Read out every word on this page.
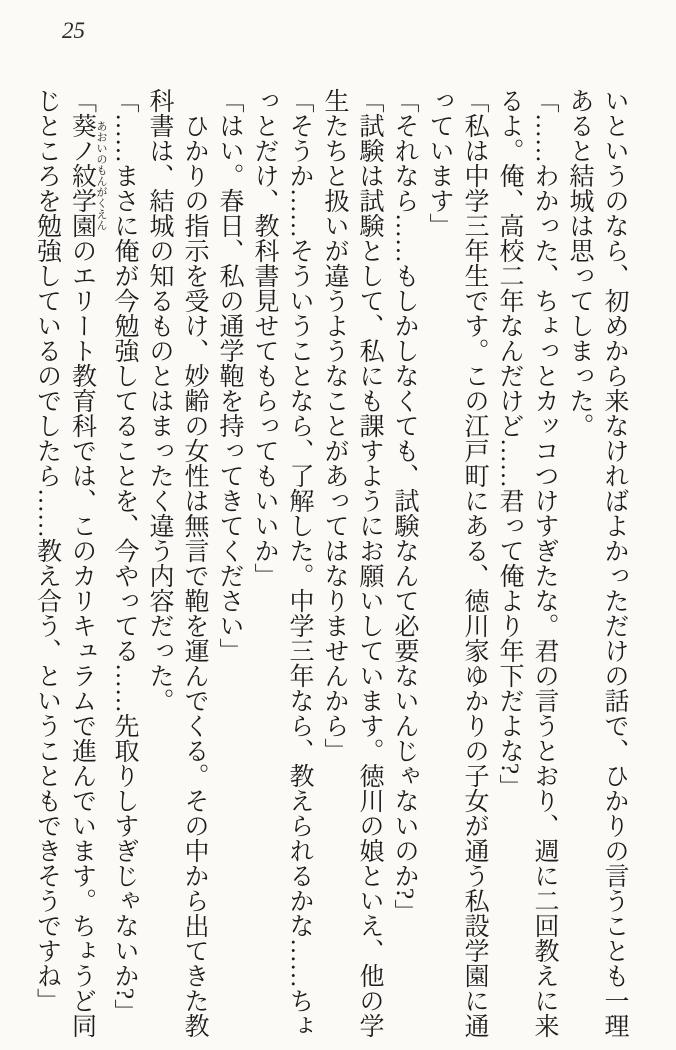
25

いというのなら、初めから来なければよかっただけの話で、ひかりの言うことも一理あると結城は思ってしまった。

「……わかった、ちょっとカッコつけすぎたな。君の言うとおり、週に二回教えに来るよ。俺、高校二年なんだけど……君って俺より年下だよな?」

「私は中学三年生です。この江戸町にある、徳川家ゆかりの子女が通う私設学園に通っています」

「それなら……もしかしなくても、試験なんて必要ないんじゃないのか?」

「試験は試験として、私にも課すようにお願いしています。徳川の娘といえ、他の学生たちと扱いが違うようなことがあってはなりませんから」

「そうか……そういうことなら、了解した。中学三年なら、教えられるかな……ちょっとだけ、教科書見せてもらってもいいか」

「はい。春日、私の通学鞄を持ってきてください」

　ひかりの指示を受け、妙齢の女性は無言で鞄を運んでくる。その中から出てきた教科書は、結城の知るものとはまったく違う内容だった。

「……まさに俺が今勉強してることを、今やってる……先取りしすぎじゃないか?」

「葵ノ紋学園 あおいのもんがくえんのエリート教育科では、このカリキュラムで進んでいます。ちょうど同じところを勉強しているのでしたら……教え合う、ということもできそうですね」
